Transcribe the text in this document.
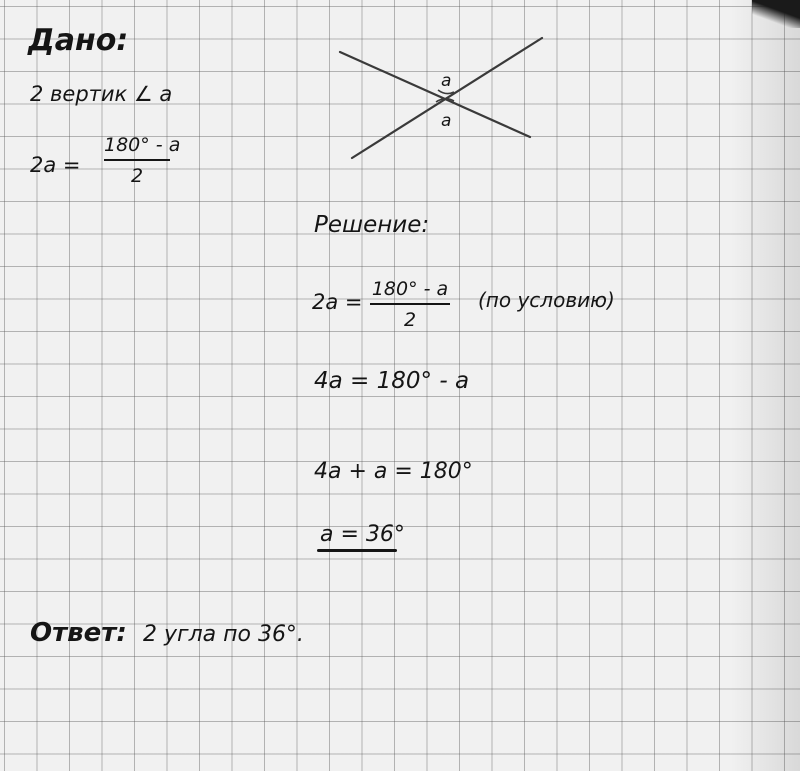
Дано:
2 вертик ∠ a
2a =
180° - a
2
a
a
Решение:
2a =
180° - a
2
(по условию)
4a = 180° - a
4a + a = 180°
a = 36°
Ответ: 2 угла по 36°.
